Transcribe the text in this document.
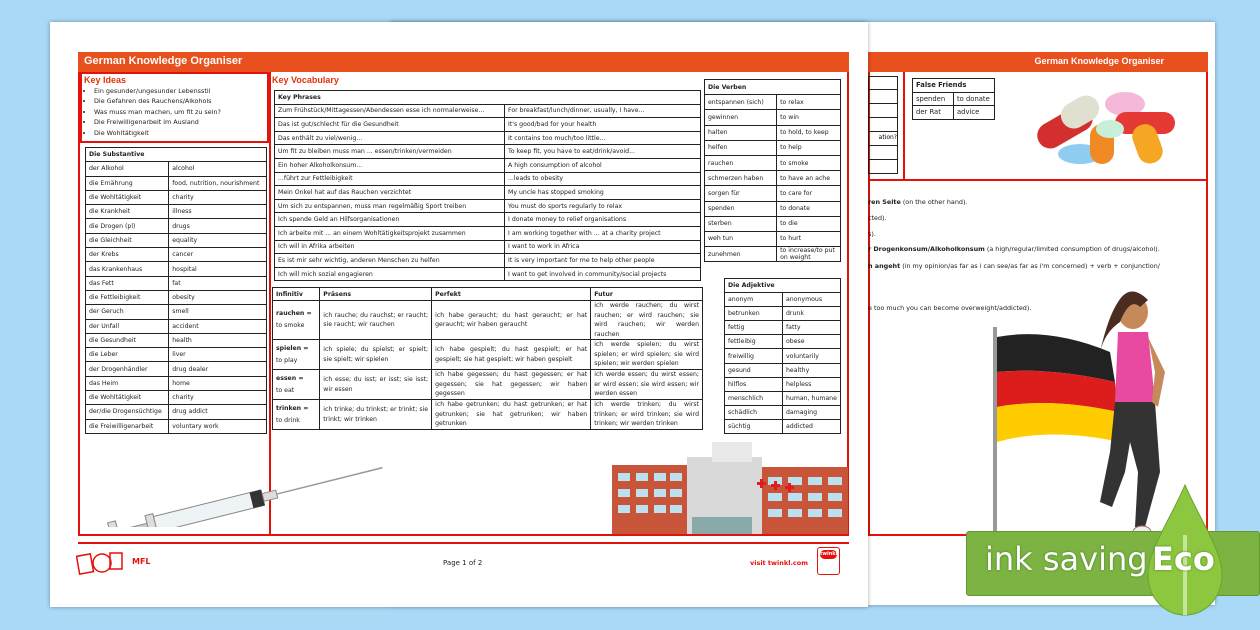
German Knowledge Organiser
ation?
False Friends	
spenden	to donate
der Rat	advice
ren Seite (on the other hand).
cted).
s).
r Drogenkonsum/Alkoholkonsum (a high/regular/limited consumption of drugs/alcohol).
h angeht (in my opinion/as far as i can see/as far as i'm concerned) + verb + conjunction/
e too much you can become overweight/addicted).
German Knowledge Organiser
Key Ideas
• Ein gesunder/ungesunder Lebensstil
• Die Gefahren des Rauchens/Alkohols
• Was muss man machen, um fit zu sein?
• Die Freiwilligenarbeit im Ausland
• Die Wohltätigkeit
Die Substantive	
der Alkohol	alcohol
die Ernährung	food, nutrition, nourishment
die Wohltätigkeit	charity
die Krankheit	illness
die Drogen (pl)	drugs
die Gleichheit	equality
der Krebs	cancer
das Krankenhaus	hospital
das Fett	fat
die Fettleibigkeit	obesity
der Geruch	smell
der Unfall	accident
die Gesundheit	health
die Leber	liver
der Drogenhändler	drug dealer
das Heim	home
die Wohltätigkeit	charity
der/die Drogensüchtige	drug addict
die Freiwilligenarbeit	voluntary work
Key Vocabulary
Key Phrases	
Zum Frühstück/Mittagessen/Abendessen esse ich normalerweise...	For breakfast/lunch/dinner, usually, I have...
Das ist gut/schlecht für die Gesundheit	It's good/bad for your health
Das enthält zu viel/wenig...	It contains too much/too little...
Um fit zu bleiben muss man ... essen/trinken/vermeiden	To keep fit, you have to eat/drink/avoid...
Ein hoher Alkoholkonsum...	A high consumption of alcohol
...führt zur Fettleibigkeit	...leads to obesity
Mein Onkel hat auf das Rauchen verzichtet	My uncle has stopped smoking
Um sich zu entspannen, muss man regelmäßig Sport treiben	You must do sports regularly to relax
Ich spende Geld an Hilfsorganisationen	I donate money to relief organisations
Ich arbeite mit ... an einem Wohltätigkeitsprojekt zusammen	I am working together with ... at a charity project
Ich will in Afrika arbeiten	I want to work in Africa
Es ist mir sehr wichtig, anderen Menschen zu helfen	It is very important for me to help other people
Ich will mich sozial engagieren	I want to get involved in community/social projects
Infinitiv	Präsens	Perfekt	Futur
rauchen =
to smoke	ich rauche; du rauchst; er raucht; sie raucht; wir rauchen	ich habe geraucht; du hast geraucht; er hat geraucht; wir haben geraucht	ich werde rauchen; du wirst rauchen; er wird rauchen; sie wird rauchen; wir werden rauchen
spielen =
to play	ich spiele; du spielst; er spielt; sie spielt; wir spielen	ich habe gespielt; du hast gespielt; er hat gespielt; sie hat gespielt; wir haben gespielt	ich werde spielen; du wirst spielen; er wird spielen; sie wird spielen; wir werden spielen
essen =
to eat	ich esse; du isst; er isst; sie isst; wir essen	ich habe gegessen; du hast gegessen; er hat gegessen; sie hat gegessen; wir haben gegessen	ich werde essen; du wirst essen; er wird essen; sie wird essen; wir werden essen
trinken =
to drink	ich trinke; du trinkst; er trinkt; sie trinkt; wir trinken	ich habe getrunken; du hast getrunken; er hat getrunken; sie hat getrunken; wir haben getrunken	ich werde trinken; du wirst trinken; er wird trinken; sie wird trinken; wir werden trinken
Die Verben	
entspannen (sich)	to relax
gewinnen	to win
halten	to hold, to keep
helfen	to help
rauchen	to smoke
schmerzen haben	to have an ache
sorgen für	to care for
spenden	to donate
sterben	to die
weh tun	to hurt
zunehmen	to increase/to put on weight
Die Adjektive	
anonym	anonymous
betrunken	drunk
fettig	fatty
fettleibig	obese
freiwillig	voluntarily
gesund	healthy
hilflos	helpless
menschlich	human, humane
schädlich	damaging
süchtig	addicted
MFL	Page 1 of 2	visit twinkl.com
twinkl	ink saving Eco
